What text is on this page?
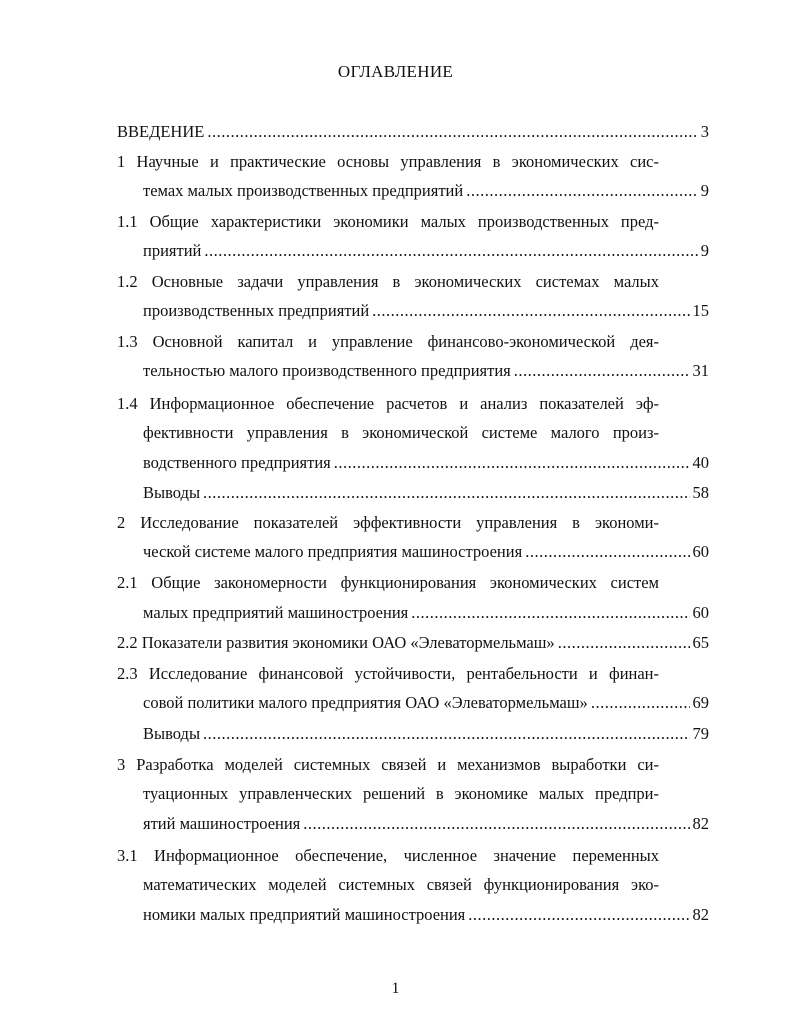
ОГЛАВЛЕНИЕ
ВВЕДЕНИЕ .....	3
1 Научные и практические основы управления в экономических сис-
темах малых производственных предприятий .....	9
1.1 Общие характеристики экономики малых производственных пред-
приятий .....	9
1.2 Основные задачи управления в экономических системах малых
производственных предприятий .....	15
1.3 Основной капитал и управление финансово-экономической дея-
тельностью малого производственного предприятия .....	31
1.4 Информационное обеспечение расчетов и анализ показателей эф-
фективности управления в экономической системе малого произ-
водственного предприятия .....	40
Выводы .....	58
2 Исследование показателей эффективности управления в экономи-
ческой системе малого предприятия машиностроения .....	60
2.1 Общие закономерности функционирования экономических систем
малых предприятий машиностроения .....	60
2.2 Показатели развития экономики ОАО «Элеватормельмаш» .....	65
2.3 Исследование финансовой устойчивости, рентабельности и финан-
совой политики малого предприятия ОАО «Элеватормельмаш» .....	69
Выводы .....	79
3 Разработка моделей системных связей и механизмов выработки си-
туационных управленческих решений в экономике малых предпри-
ятий машиностроения .....	82
3.1 Информационное обеспечение, численное значение переменных
математических моделей системных связей функционирования эко-
номики малых предприятий машиностроения .....	82
1
